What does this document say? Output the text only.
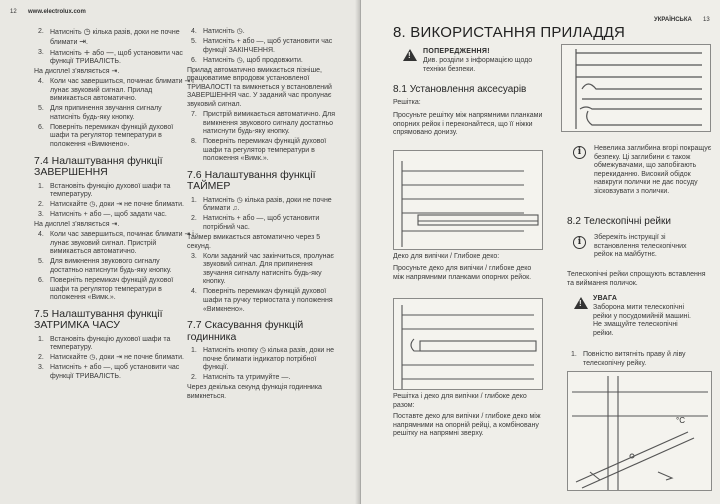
12 www.electrolux.com
2. Натисніть ◷ кілька разів, доки не почне блимати ⇥.
3. Натисніть + або —, щоб установити час функції ТРИВАЛІСТЬ.
На дисплеї з'являється ⇥.
4. Коли час завершиться, починає блимати ⇥ і лунає звуковий сигнал. Прилад вимикається автоматично.
5. Для припинення звучання сигналу натисніть будь-яку кнопку.
6. Поверніть перемикач функцій духової шафи та регулятор температури в положення «Вимкнено».
7.4 Налаштування функції ЗАВЕРШЕННЯ
1. Встановіть функцію духової шафи та температуру.
2. Натискайте ◷, доки ⇥ не почне блимати.
3. Натисніть + або —, щоб задати час.
На дисплеї з'являється ⇥.
4. Коли час завершиться, починає блимати ⇥ і лунає звуковий сигнал. Пристрій вимикається автоматично.
5. Для вимкнення звукового сигналу достатньо натиснути будь-яку кнопку.
6. Поверніть перемикач функцій духової шафи та регулятор температури в положення «Вимк.».
7.5 Налаштування функції ЗАТРИМКА ЧАСУ
1. Встановіть функцію духової шафи та температуру.
2. Натискайте ◷, доки ⇥ не почне блимати.
3. Натисніть + або —, щоб установити час функції ТРИВАЛІСТЬ.
4. Натисніть ◷.
5. Натисніть + або —, щоб установити час функції ЗАКІНЧЕННЯ.
6. Натисніть ◷, щоб продовжити.
Прилад автоматично вмикається пізніше, працюватиме впродовж установленої ТРИВАЛОСТІ та вимкнеться у встановлений ЗАВЕРШЕННЯ час. У заданий час пролунає звуковий сигнал.
7. Пристрій вимикається автоматично. Для вимкнення звукового сигналу достатньо натиснути будь-яку кнопку.
8. Поверніть перемикач функцій духової шафи та регулятор температури в положення «Вимк.».
7.6 Налаштування функції ТАЙМЕР
1. Натисніть ◷ кілька разів, доки не почне блимати ♫.
2. Натисніть + або —, щоб установити потрібний час.
Таймер вмикається автоматично через 5 секунд.
3. Коли заданий час закінчиться, пролунає звуковий сигнал. Для припинення звучання сигналу натисніть будь-яку кнопку.
4. Поверніть перемикач функцій духової шафи та ручку термостата у положення «Вимкнено».
7.7 Скасування функцій годинника
1. Натисніть кнопку ◷ кілька разів, доки не почне блимати індикатор потрібної функції.
2. Натисніть та утримуйте —.
Через декілька секунд функція годинника вимкнеться.
УКРАЇНСЬКА 13
8. ВИКОРИСТАННЯ ПРИЛАДДЯ
!
ПОПЕРЕДЖЕННЯ!
Див. розділи з інформацією щодо техніки безпеки.
8.1 Установлення аксесуарів
Решітка:
Просуньте решітку між напрямними планками опорних рейок і переконайтеся, що її ніжки спрямовано донизу.
Деко для випічки / Глибоке деко:
Просуньте деко для випічки / глибоке деко між напрямними планками опорних рейок.
Решітка і деко для випічки / глибоке деко разом:
Поставте деко для випічки / глибоке деко між напрямними на опорній рейці, а комбіновану решітку на напрямні зверху.
i	Невелика заглибина вгорі покращує безпеку. Ці заглибини є також обмежувачами, що запобігають перекиданню. Високий обідок навкруги полички не дає посуду зісковзувати з полички.
8.2 Телескопічні рейки
i	Збережіть інструкції зі встановлення телескопічних рейок на майбутнє.
Телескопічні рейки спрощують вставлення та виймання поличок.
!
УВАГА
Заборона мити телескопічні рейки у посудомийній машині. Не змащуйте телескопічні рейки.
1. Повністю витягніть праву й ліву телескопічну рейку.
°C
